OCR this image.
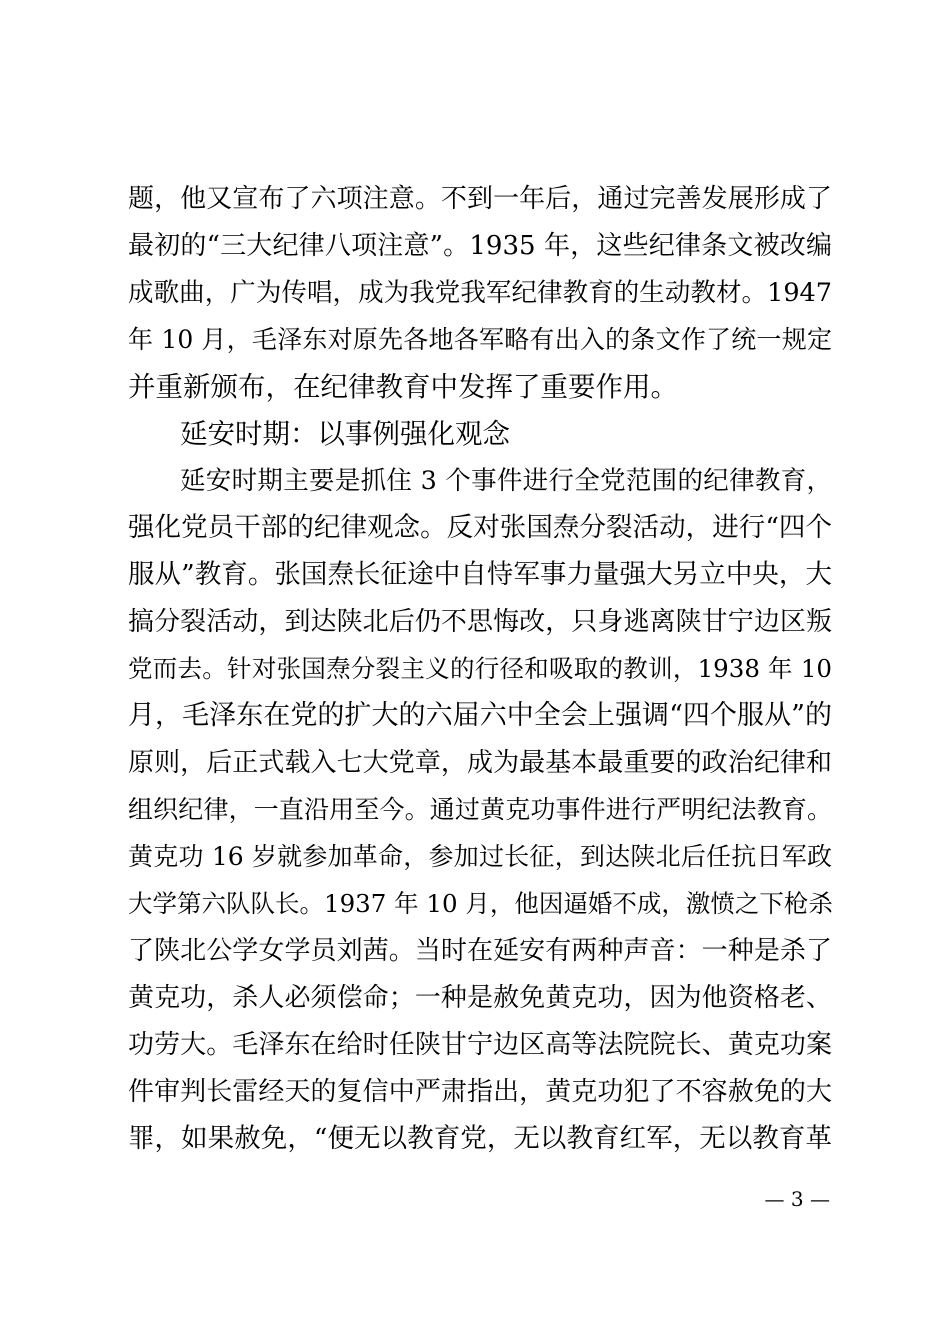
题，他又宣布了六项注意。不到一年后，通过完善发展形成了
最初的“三大纪律八项注意”。1935 年，这些纪律条文被改编
成歌曲，广为传唱，成为我党我军纪律教育的生动教材。1947
年 10 月，毛泽东对原先各地各军略有出入的条文作了统一规定
并重新颁布，在纪律教育中发挥了重要作用。
延安时期：以事例强化观念
延安时期主要是抓住 3 个事件进行全党范围的纪律教育，
强化党员干部的纪律观念。反对张国焘分裂活动，进行“四个
服从”教育。张国焘长征途中自恃军事力量强大另立中央，大
搞分裂活动，到达陕北后仍不思悔改，只身逃离陕甘宁边区叛
党而去。针对张国焘分裂主义的行径和吸取的教训，1938 年 10
月，毛泽东在党的扩大的六届六中全会上强调“四个服从”的
原则，后正式载入七大党章，成为最基本最重要的政治纪律和
组织纪律，一直沿用至今。通过黄克功事件进行严明纪法教育。
黄克功 16 岁就参加革命，参加过长征，到达陕北后任抗日军政
大学第六队队长。1937 年 10 月，他因逼婚不成，激愤之下枪杀
了陕北公学女学员刘茜。当时在延安有两种声音：一种是杀了
黄克功，杀人必须偿命；一种是赦免黄克功，因为他资格老、
功劳大。毛泽东在给时任陕甘宁边区高等法院院长、黄克功案
件审判长雷经天的复信中严肃指出，黄克功犯了不容赦免的大
罪，如果赦免，“便无以教育党，无以教育红军，无以教育革
— 3 —
